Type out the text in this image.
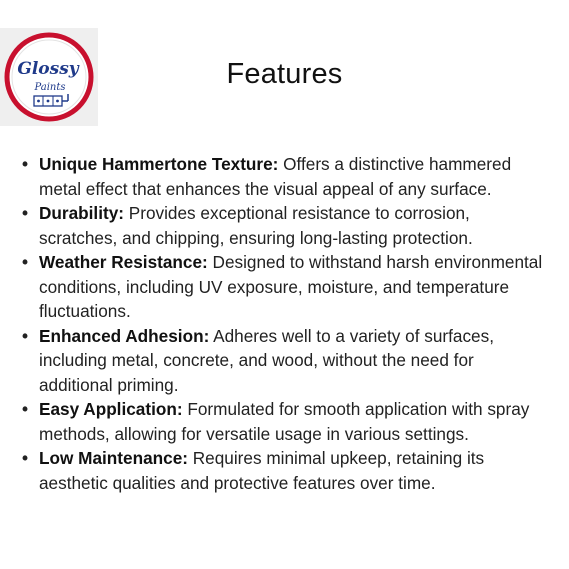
Glossy
Paints	Features
• Unique Hammertone Texture: Offers a distinctive hammered metal effect that enhances the visual appeal of any surface.
• Durability: Provides exceptional resistance to corrosion, scratches, and chipping, ensuring long-lasting protection.
• Weather Resistance: Designed to withstand harsh environmental conditions, including UV exposure, moisture, and temperature fluctuations.
• Enhanced Adhesion: Adheres well to a variety of surfaces, including metal, concrete, and wood, without the need for additional priming.
• Easy Application: Formulated for smooth application with spray methods, allowing for versatile usage in various settings.
• Low Maintenance: Requires minimal upkeep, retaining its aesthetic qualities and protective features over time.
